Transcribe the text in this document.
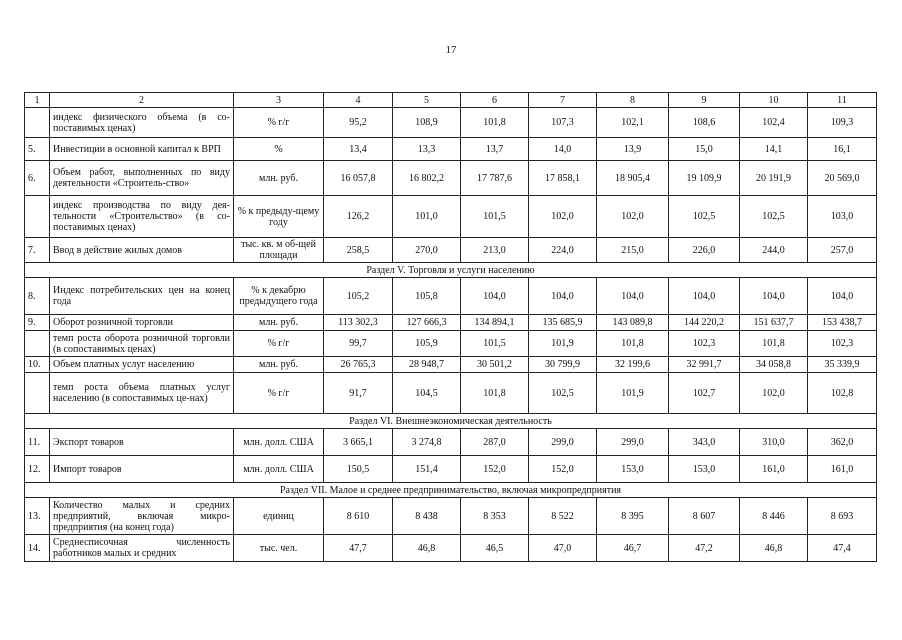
17
1	2	3	4	5	6	7	8	9	10	11
	индекс физического объема (в со-поставимых ценах)	% г/г	95,2	108,9	101,8	107,3	102,1	108,6	102,4	109,3
5.	Инвестиции в основной капитал к ВРП	%	13,4	13,3	13,7	14,0	13,9	15,0	14,1	16,1
6.	Объем работ, выполненных по виду деятельности «Строитель-ство»	млн. руб.	16 057,8	16 802,2	17 787,6	17 858,1	18 905,4	19 109,9	20 191,9	20 569,0
	индекс производства по виду дея-тельности «Строительство» (в со-поставимых ценах)	% к предыду-щему году	126,2	101,0	101,5	102,0	102,0	102,5	102,5	103,0
7.	Ввод в действие жилых домов	тыс. кв. м об-щей площади	258,5	270,0	213,0	224,0	215,0	226,0	244,0	257,0
Раздел V. Торговля и услуги населению										
8.	Индекс потребительских цен на конец года	% к декабрю предыдущего года	105,2	105,8	104,0	104,0	104,0	104,0	104,0	104,0
9.	Оборот розничной торговли	млн. руб.	113 302,3	127 666,3	134 894,1	135 685,9	143 089,8	144 220,2	151 637,7	153 438,7
	темп роста оборота розничной торговли (в сопоставимых ценах)	% г/г	99,7	105,9	101,5	101,9	101,8	102,3	101,8	102,3
10.	Объем платных услуг населению	млн. руб.	26 765,3	28 948,7	30 501,2	30 799,9	32 199,6	32 991,7	34 058,8	35 339,9
	темп роста объема платных услуг населению (в сопоставимых це-нах)	% г/г	91,7	104,5	101,8	102,5	101,9	102,7	102,0	102,8
Раздел VI. Внешнеэкономическая деятельность										
11.	Экспорт товаров	млн. долл. США	3 665,1	3 274,8	287,0	299,0	299,0	343,0	310,0	362,0
12.	Импорт товаров	млн. долл. США	150,5	151,4	152,0	152,0	153,0	153,0	161,0	161,0
Раздел VII. Малое и среднее предпринимательство, включая микропредприятия										
13.	Количество малых и средних предприятий, включая микро-предприятия (на конец года)	единиц	8 610	8 438	8 353	8 522	8 395	8 607	8 446	8 693
14.	Среднесписочная численность работников малых и средних	тыс. чел.	47,7	46,8	46,5	47,0	46,7	47,2	46,8	47,4
